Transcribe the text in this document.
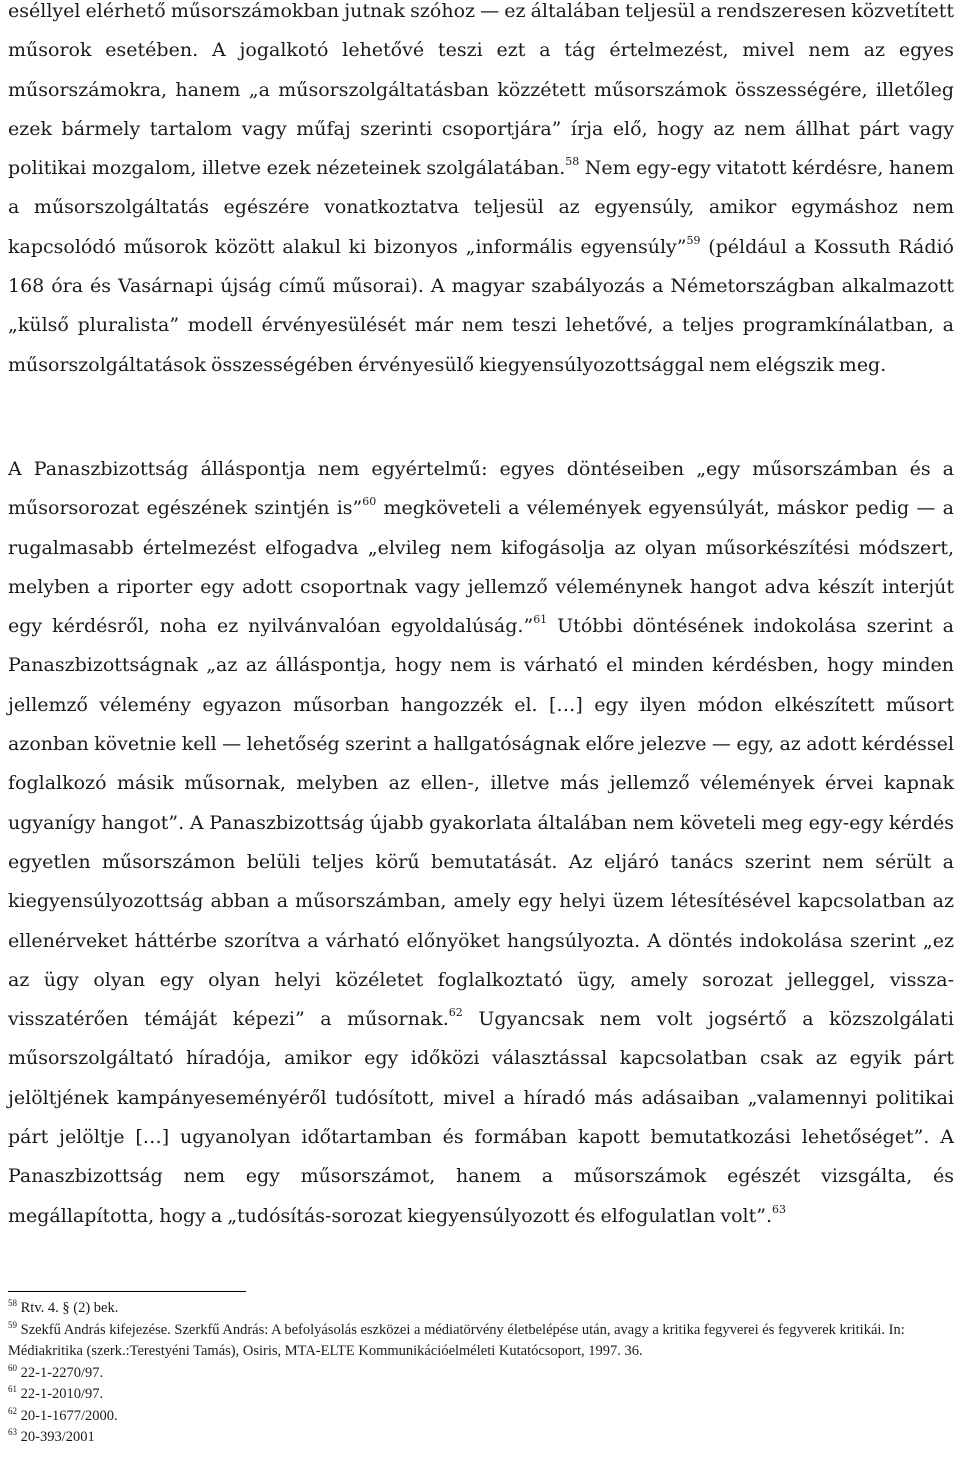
eséllyel elérhető műsorszámokban jutnak szóhoz — ez általában teljesül a rendszeresen közvetített műsorok esetében. A jogalkotó lehetővé teszi ezt a tág értelmezést, mivel nem az egyes műsorszámokra, hanem „a műsorszolgáltatásban közzétett műsorszámok összességére, illetőleg ezek bármely tartalom vagy műfaj szerinti csoportjára” írja elő, hogy az nem állhat párt vagy politikai mozgalom, illetve ezek nézeteinek szolgálatában.$^{58}$ Nem egy-egy vitatott kérdésre, hanem a műsorszolgáltatás egészére vonatkoztatva teljesül az egyensúly, amikor egymáshoz nem kapcsolódó műsorok között alakul ki bizonyos „informális egyensúly”$^{59}$ (például a Kossuth Rádió 168 óra és Vasárnapi újság című műsorai). A magyar szabályozás a Németországban alkalmazott „külső pluralista” modell érvényesülését már nem teszi lehetővé, a teljes programkínálatban, a műsorszolgáltatások összességében érvényesülő kiegyensúlyozottsággal nem elégszik meg.

A Panaszbizottság álláspontja nem egyértelmű: egyes döntéseiben „egy műsorszámban és a műsorsorozat egészének szintjén is”$^{60}$ megköveteli a vélemények egyensúlyát, máskor pedig — a rugalmasabb értelmezést elfogadva „elvileg nem kifogásolja az olyan műsorkészítési módszert, melyben a riporter egy adott csoportnak vagy jellemző véleménynek hangot adva készít interjút egy kérdésről, noha ez nyilvánvalóan egyoldalúság.”$^{61}$ Utóbbi döntésének indokolása szerint a Panaszbizottságnak „az az álláspontja, hogy nem is várható el minden kérdésben, hogy minden jellemző vélemény egyazon műsorban hangozzék el. […] egy ilyen módon elkészített műsort azonban követnie kell — lehetőség szerint a hallgatóságnak előre jelezve — egy, az adott kérdéssel foglalkozó másik műsornak, melyben az ellen-, illetve más jellemző vélemények érvei kapnak ugyanígy hangot”. A Panaszbizottság újabb gyakorlata általában nem követeli meg egy-egy kérdés egyetlen műsorszámon belüli teljes körű bemutatását. Az eljáró tanács szerint nem sérült a kiegyensúlyozottság abban a műsorszámban, amely egy helyi üzem létesítésével kapcsolatban az ellenérveket háttérbe szorítva a várható előnyöket hangsúlyozta. A döntés indokolása szerint „ez az ügy olyan egy olyan helyi közéletet foglalkoztató ügy, amely sorozat jelleggel, vissza-visszatérően témáját képezi” a műsornak.$^{62}$ Ugyancsak nem volt jogsértő a közszolgálati műsorszolgáltató híradója, amikor egy időközi választással kapcsolatban csak az egyik párt jelöltjének kampányeseményéről tudósított, mivel a híradó más adásaiban „valamennyi politikai párt jelöltje […] ugyanolyan időtartamban és formában kapott bemutatkozási lehetőséget”. A Panaszbizottság nem egy műsorszámot, hanem a műsorszámok egészét vizsgálta, és megállapította, hogy a „tudósítás-sorozat kiegyensúlyozott és elfogulatlan volt”.$^{63}$

$^{58}$ Rtv. 4. § (2) bek.

$^{59}$ Szekfű András kifejezése. Szerkfű András: A befolyásolás eszközei a médiatörvény életbelépése után, avagy a kritika fegyverei és fegyverek kritikái. In: Médiakritika (szerk.:Terestyéni Tamás), Osiris, MTA-ELTE Kommunikációelméleti Kutatócsoport, 1997. 36.

$^{60}$ 22-1-2270/97.

$^{61}$ 22-1-2010/97.

$^{62}$ 20-1-1677/2000.

$^{63}$ 20-393/2001
